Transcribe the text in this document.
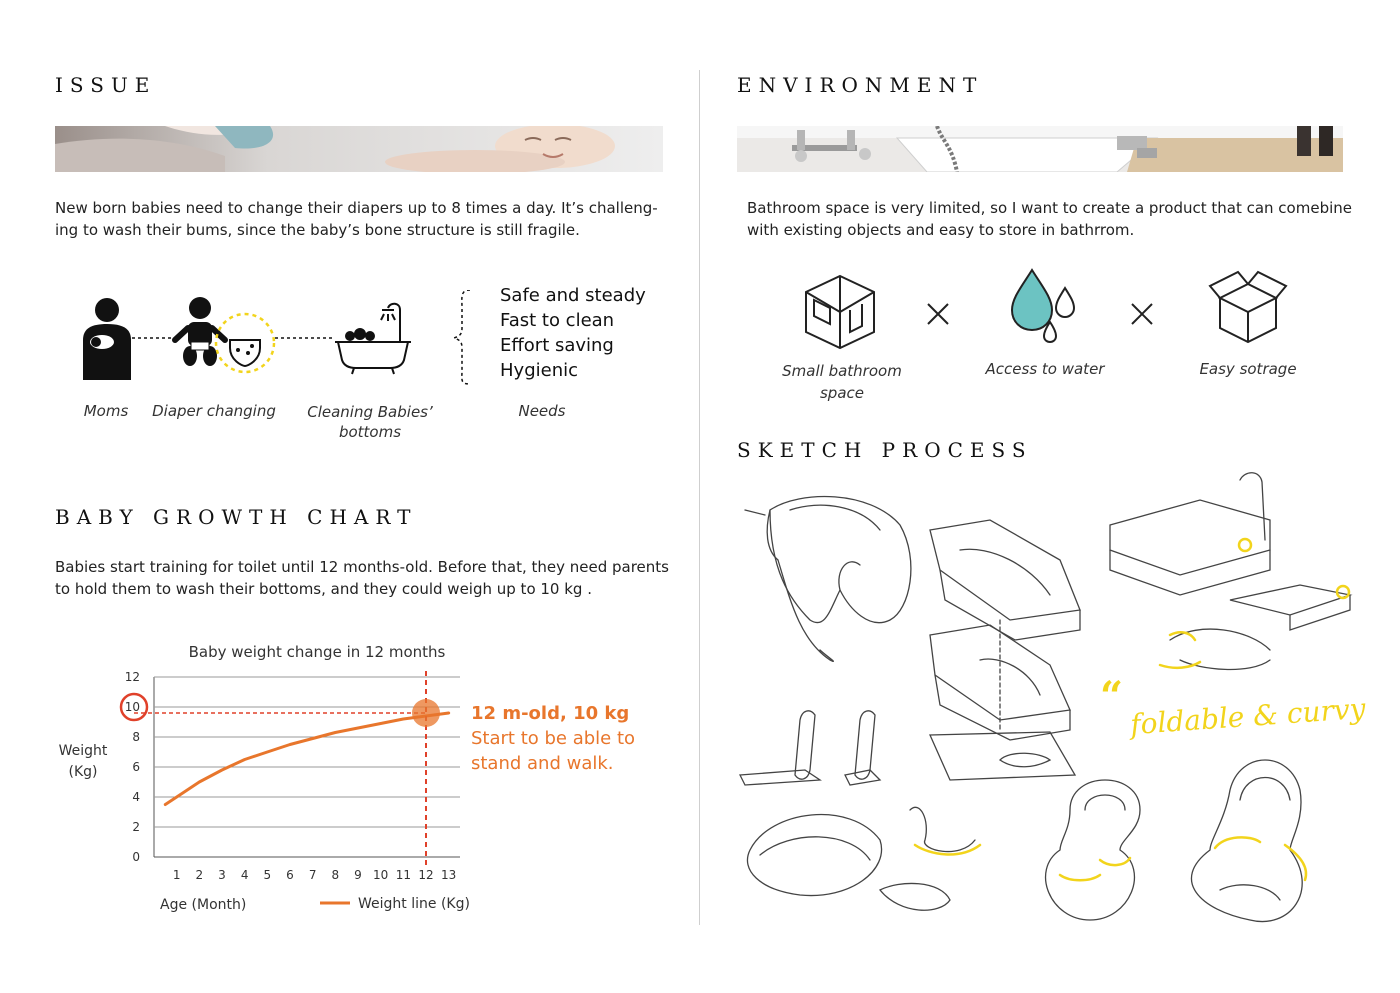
ISSUE
New born babies need to change their diapers up to 8 times a day. It’s challeng-
ing to wash their bums, since the baby’s bone structure is still fragile.
Safe and steady
Fast to clean
Effort saving
Hygienic
Moms	Diaper changing	Cleaning Babies’
bottoms
Needs
BABY GROWTH CHART
Babies start training for toilet until 12 months-old. Before that, they need parents
to hold them to wash their bottoms, and they could weigh up to 10 kg .
Baby weight change in 12 months
Weight
(Kg)
Age (Month)	Weight line (Kg)
0
2
4
6
8
10
12
1 2 3 4 5 6 7 8 9 10 11 12 13
12 m-old, 10 kg
Start to be able to
stand and walk.
ENVIRONMENT
Bathroom space is very limited, so I want to create a product that can comebine
with existing objects and easy to store in bathrrom.
Small bathroom
space
Access to water	Easy sotrage
SKETCH PROCESS
“ foldable & curvy
